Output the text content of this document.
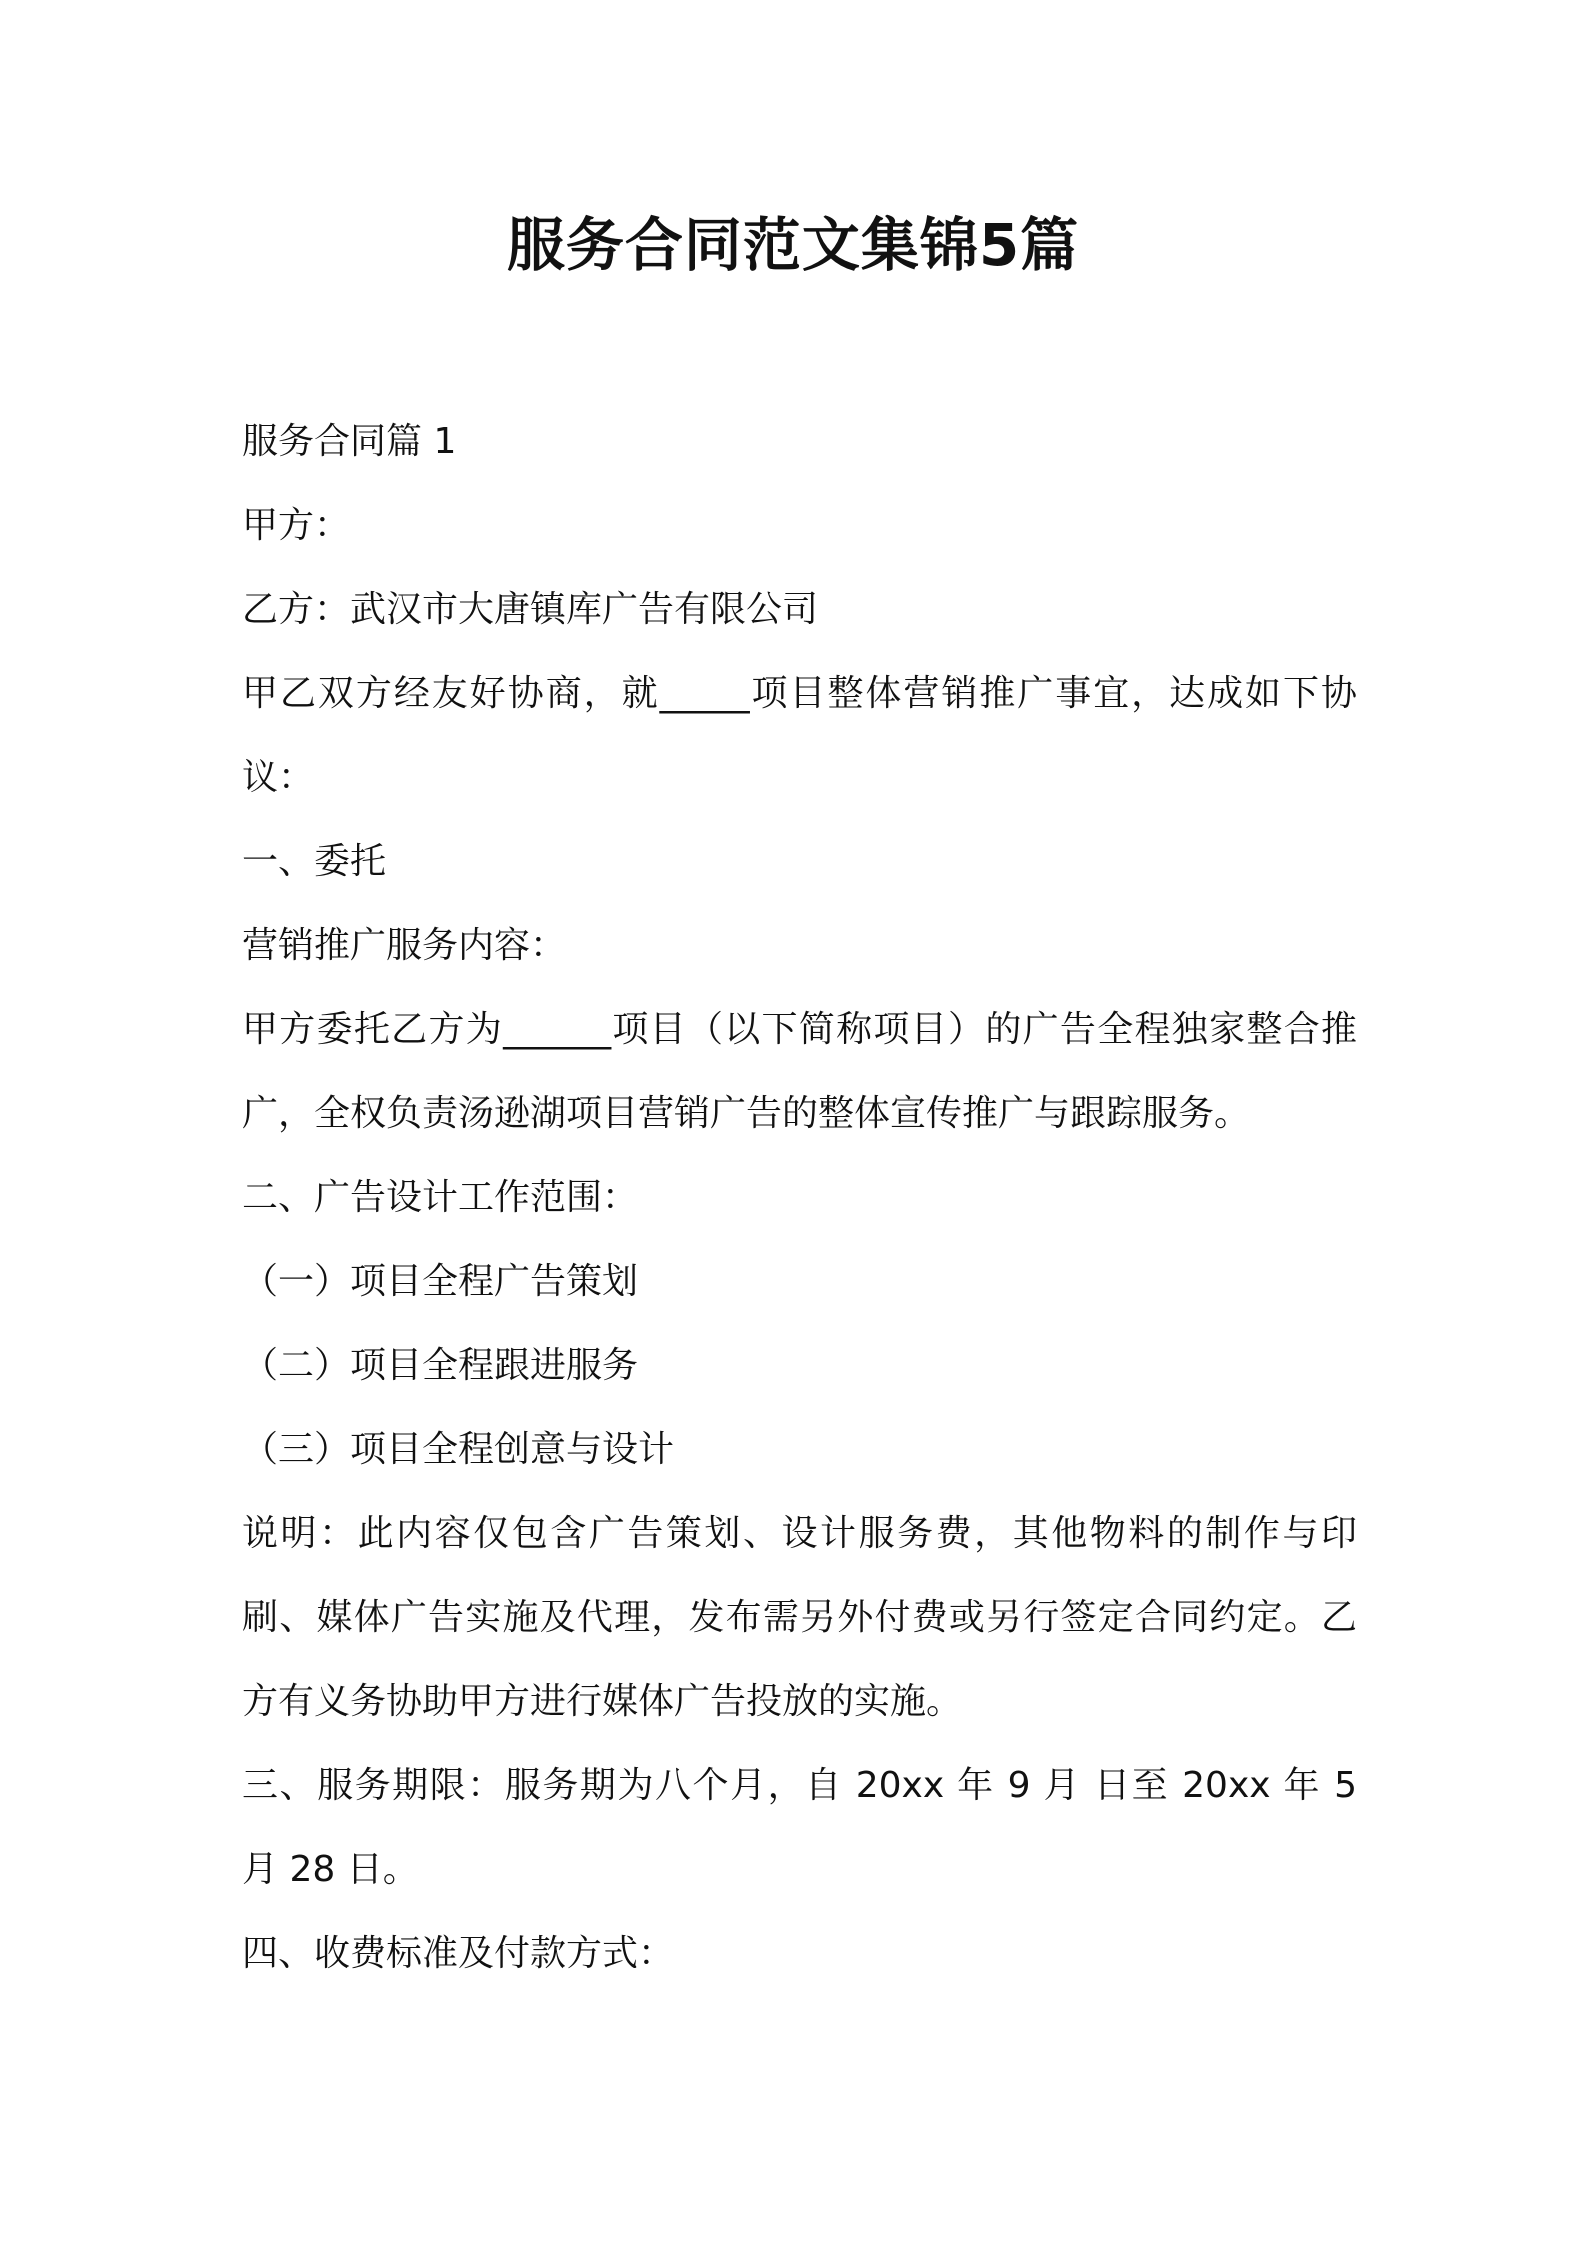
服务合同范文集锦5篇

服务合同篇 1

甲方：

乙方：武汉市大唐镇库广告有限公司

甲乙双方经友好协商，就_____项目整体营销推广事宜，达成如下协议：

一、委托

营销推广服务内容：

甲方委托乙方为______项目（以下简称项目）的广告全程独家整合推广，全权负责汤逊湖项目营销广告的整体宣传推广与跟踪服务。

二、广告设计工作范围：

（一）项目全程广告策划

（二）项目全程跟进服务

（三）项目全程创意与设计

说明：此内容仅包含广告策划、设计服务费，其他物料的制作与印刷、媒体广告实施及代理，发布需另外付费或另行签定合同约定。乙方有义务协助甲方进行媒体广告投放的实施。

三、服务期限：服务期为八个月，自 20xx 年 9 月 日至 20xx 年 5 月 28 日。

四、收费标准及付款方式：
